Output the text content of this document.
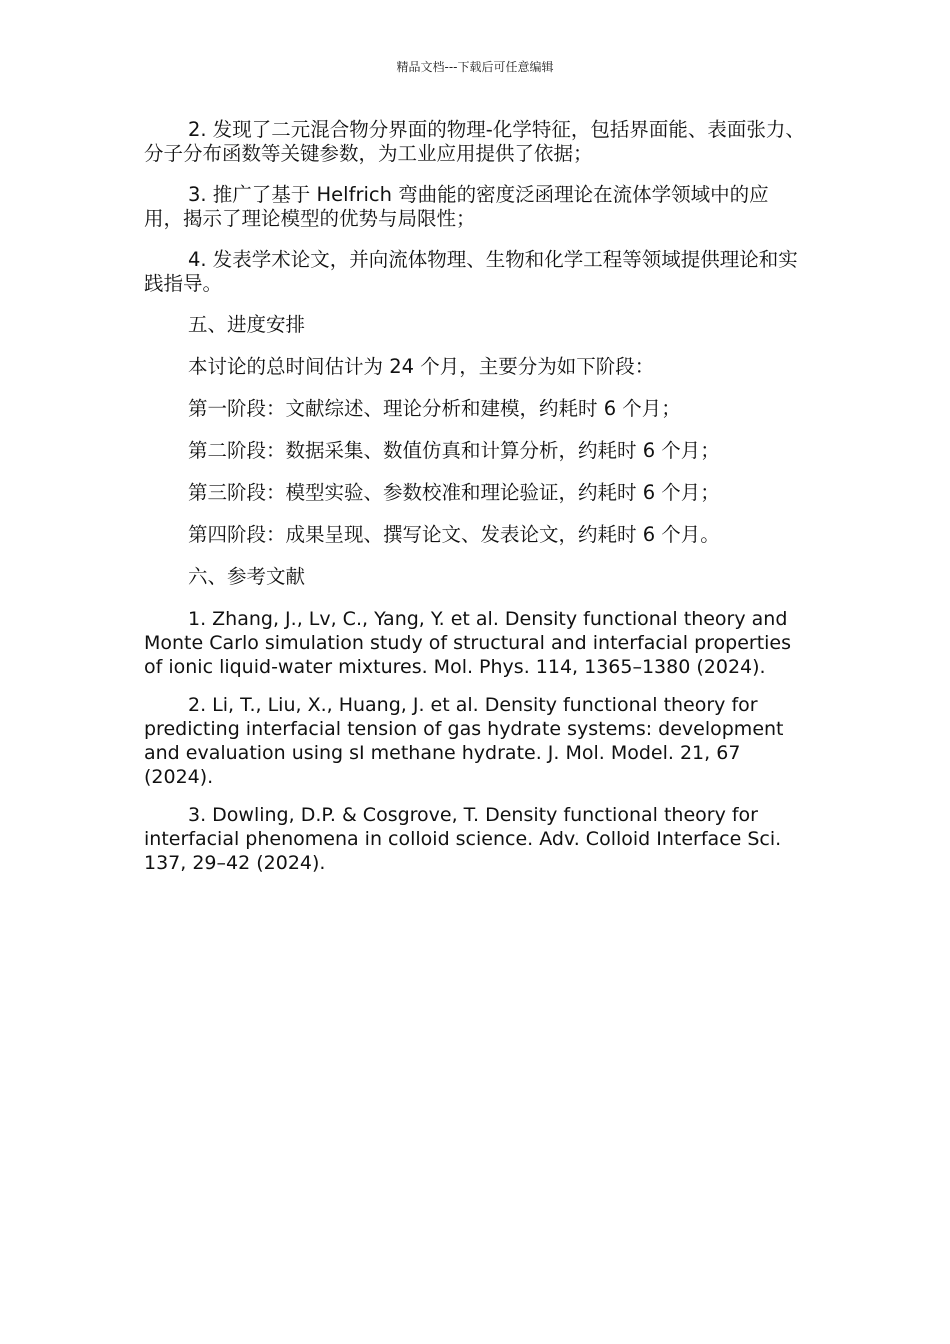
精品文档---下载后可任意编辑

2. 发现了二元混合物分界面的物理-化学特征，包括界面能、表面张力、分子分布函数等关键参数，为工业应用提供了依据；

3. 推广了基于 Helfrich 弯曲能的密度泛函理论在流体学领域中的应用，揭示了理论模型的优势与局限性；

4. 发表学术论文，并向流体物理、生物和化学工程等领域提供理论和实践指导。

五、进度安排

本讨论的总时间估计为 24 个月，主要分为如下阶段：

第一阶段：文献综述、理论分析和建模，约耗时 6 个月；

第二阶段：数据采集、数值仿真和计算分析，约耗时 6 个月；

第三阶段：模型实验、参数校准和理论验证，约耗时 6 个月；

第四阶段：成果呈现、撰写论文、发表论文，约耗时 6 个月。

六、参考文献

1. Zhang, J., Lv, C., Yang, Y. et al. Density functional theory and Monte Carlo simulation study of structural and interfacial properties of ionic liquid-water mixtures. Mol. Phys. 114, 1365–1380 (2024).

2. Li, T., Liu, X., Huang, J. et al. Density functional theory for predicting interfacial tension of gas hydrate systems: development and evaluation using sI methane hydrate. J. Mol. Model. 21, 67 (2024).

3. Dowling, D.P. & Cosgrove, T. Density functional theory for interfacial phenomena in colloid science. Adv. Colloid Interface Sci. 137, 29–42 (2024).
